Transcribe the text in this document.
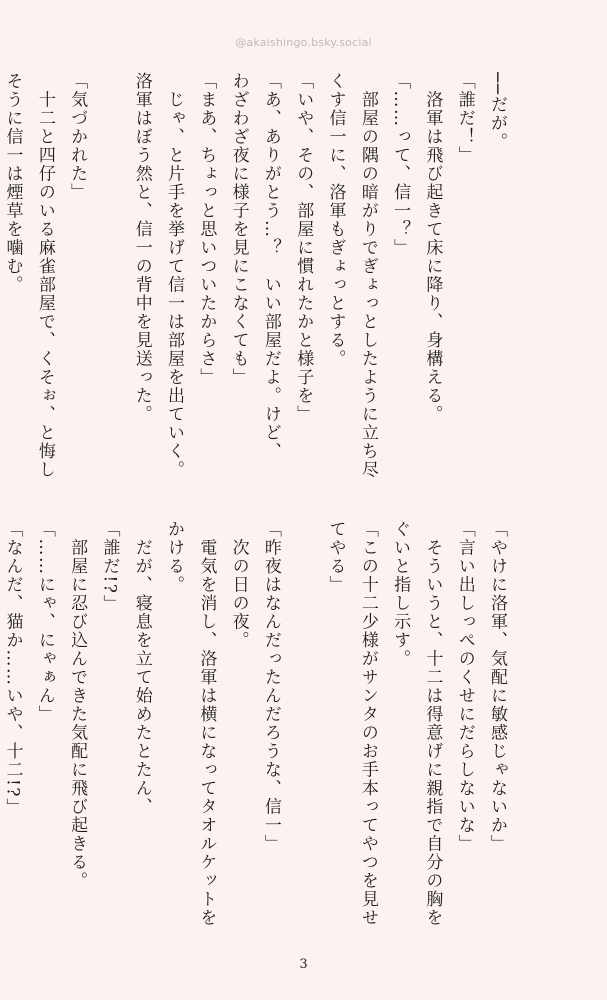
@akaishingo.bsky.social
──だが。
「誰だ！」
　洛軍は飛び起きて床に降り、身構える。
「……って、信一？」
　部屋の隅の暗がりでぎょっとしたように立ち尽
くす信一に、洛軍もぎょっとする。
「いや、その、部屋に慣れたかと様子を」
「あ、ありがとう…？　いい部屋だよ。けど、
わざわざ夜に様子を見にこなくても」
「まあ、ちょっと思いついたからさ」
　じゃ、と片手を挙げて信一は部屋を出ていく。
洛軍はぼう然と、信一の背中を見送った。

「気づかれた」
　十二と四仔のいる麻雀部屋で、くそぉ、と悔し
そうに信一は煙草を噛む。
「やけに洛軍、気配に敏感じゃないか」
「言い出しっぺのくせにだらしないな」
　そういうと、十二は得意げに親指で自分の胸を
ぐいと指し示す。
「この十二少様がサンタのお手本ってやつを見せ
てやる」

「昨夜はなんだったんだろうな、信一」
　次の日の夜。
　電気を消し、洛軍は横になってタオルケットを
かける。
　だが、寝息を立て始めたとたん、
「誰だ!?」
　部屋に忍び込んできた気配に飛び起きる。
「……にゃ、にゃぁん」
「なんだ、猫か……いや、十二!?」
3
